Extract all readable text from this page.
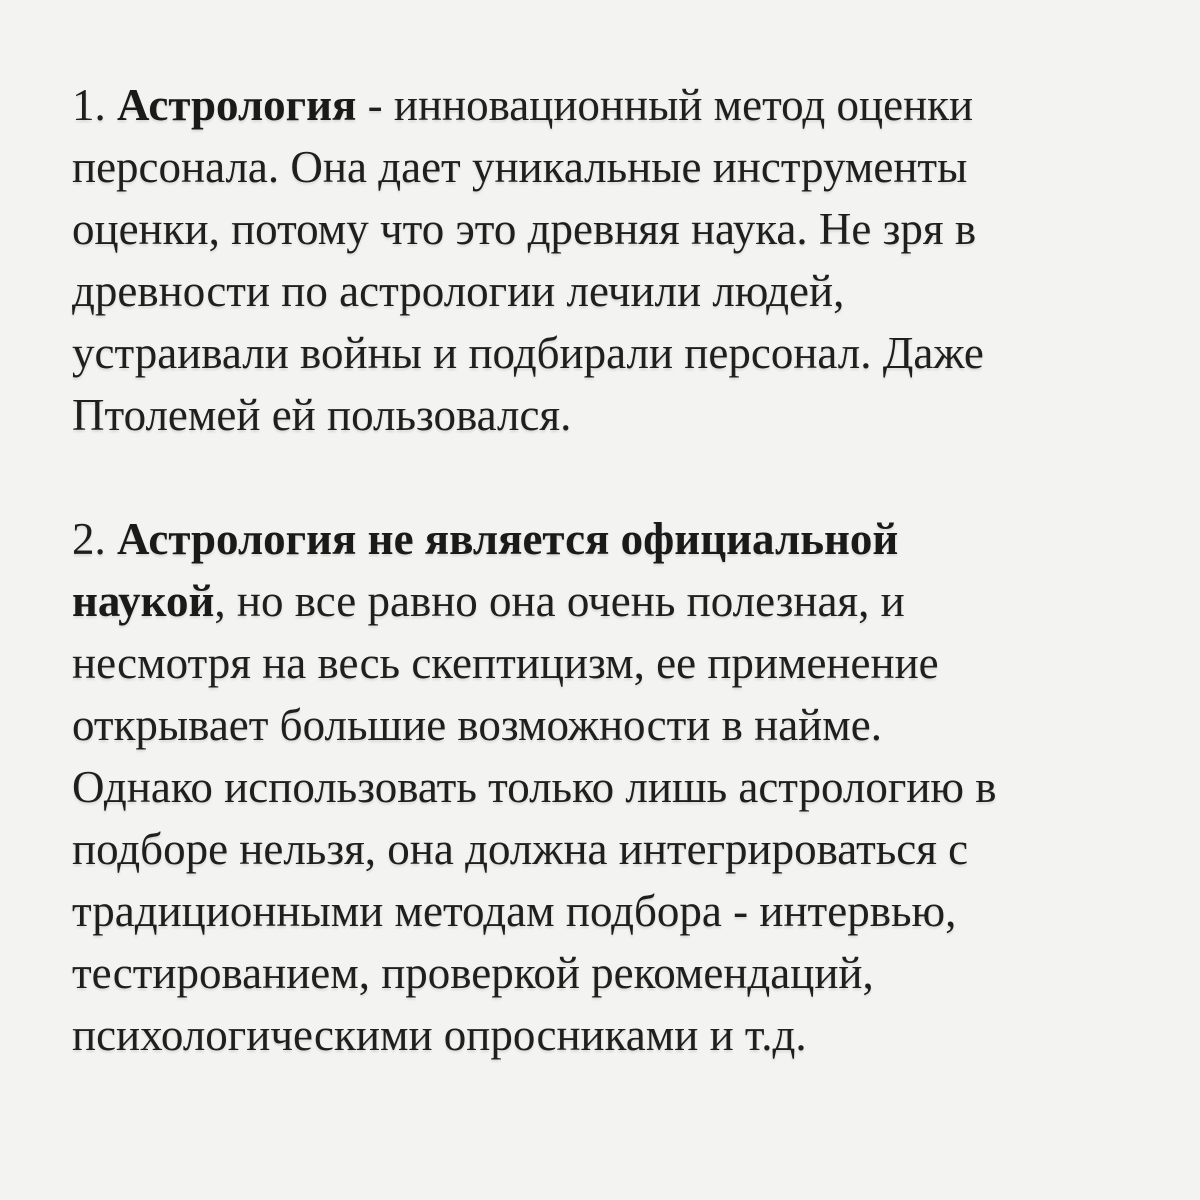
1. Астрология - инновационный метод оценки
персонала. Она дает уникальные инструменты
оценки, потому что это древняя наука. Не зря в
древности по астрологии лечили людей,
устраивали войны и подбирали персонал. Даже
Птолемей ей пользовался.

2. Астрология не является официальной
наукой, но все равно она очень полезная, и
несмотря на весь скептицизм, ее применение
открывает большие возможности в найме.
Однако использовать только лишь астрологию в
подборе нельзя, она должна интегрироваться с
традиционными методам подбора - интервью,
тестированием, проверкой рекомендаций,
психологическими опросниками и т.д.
